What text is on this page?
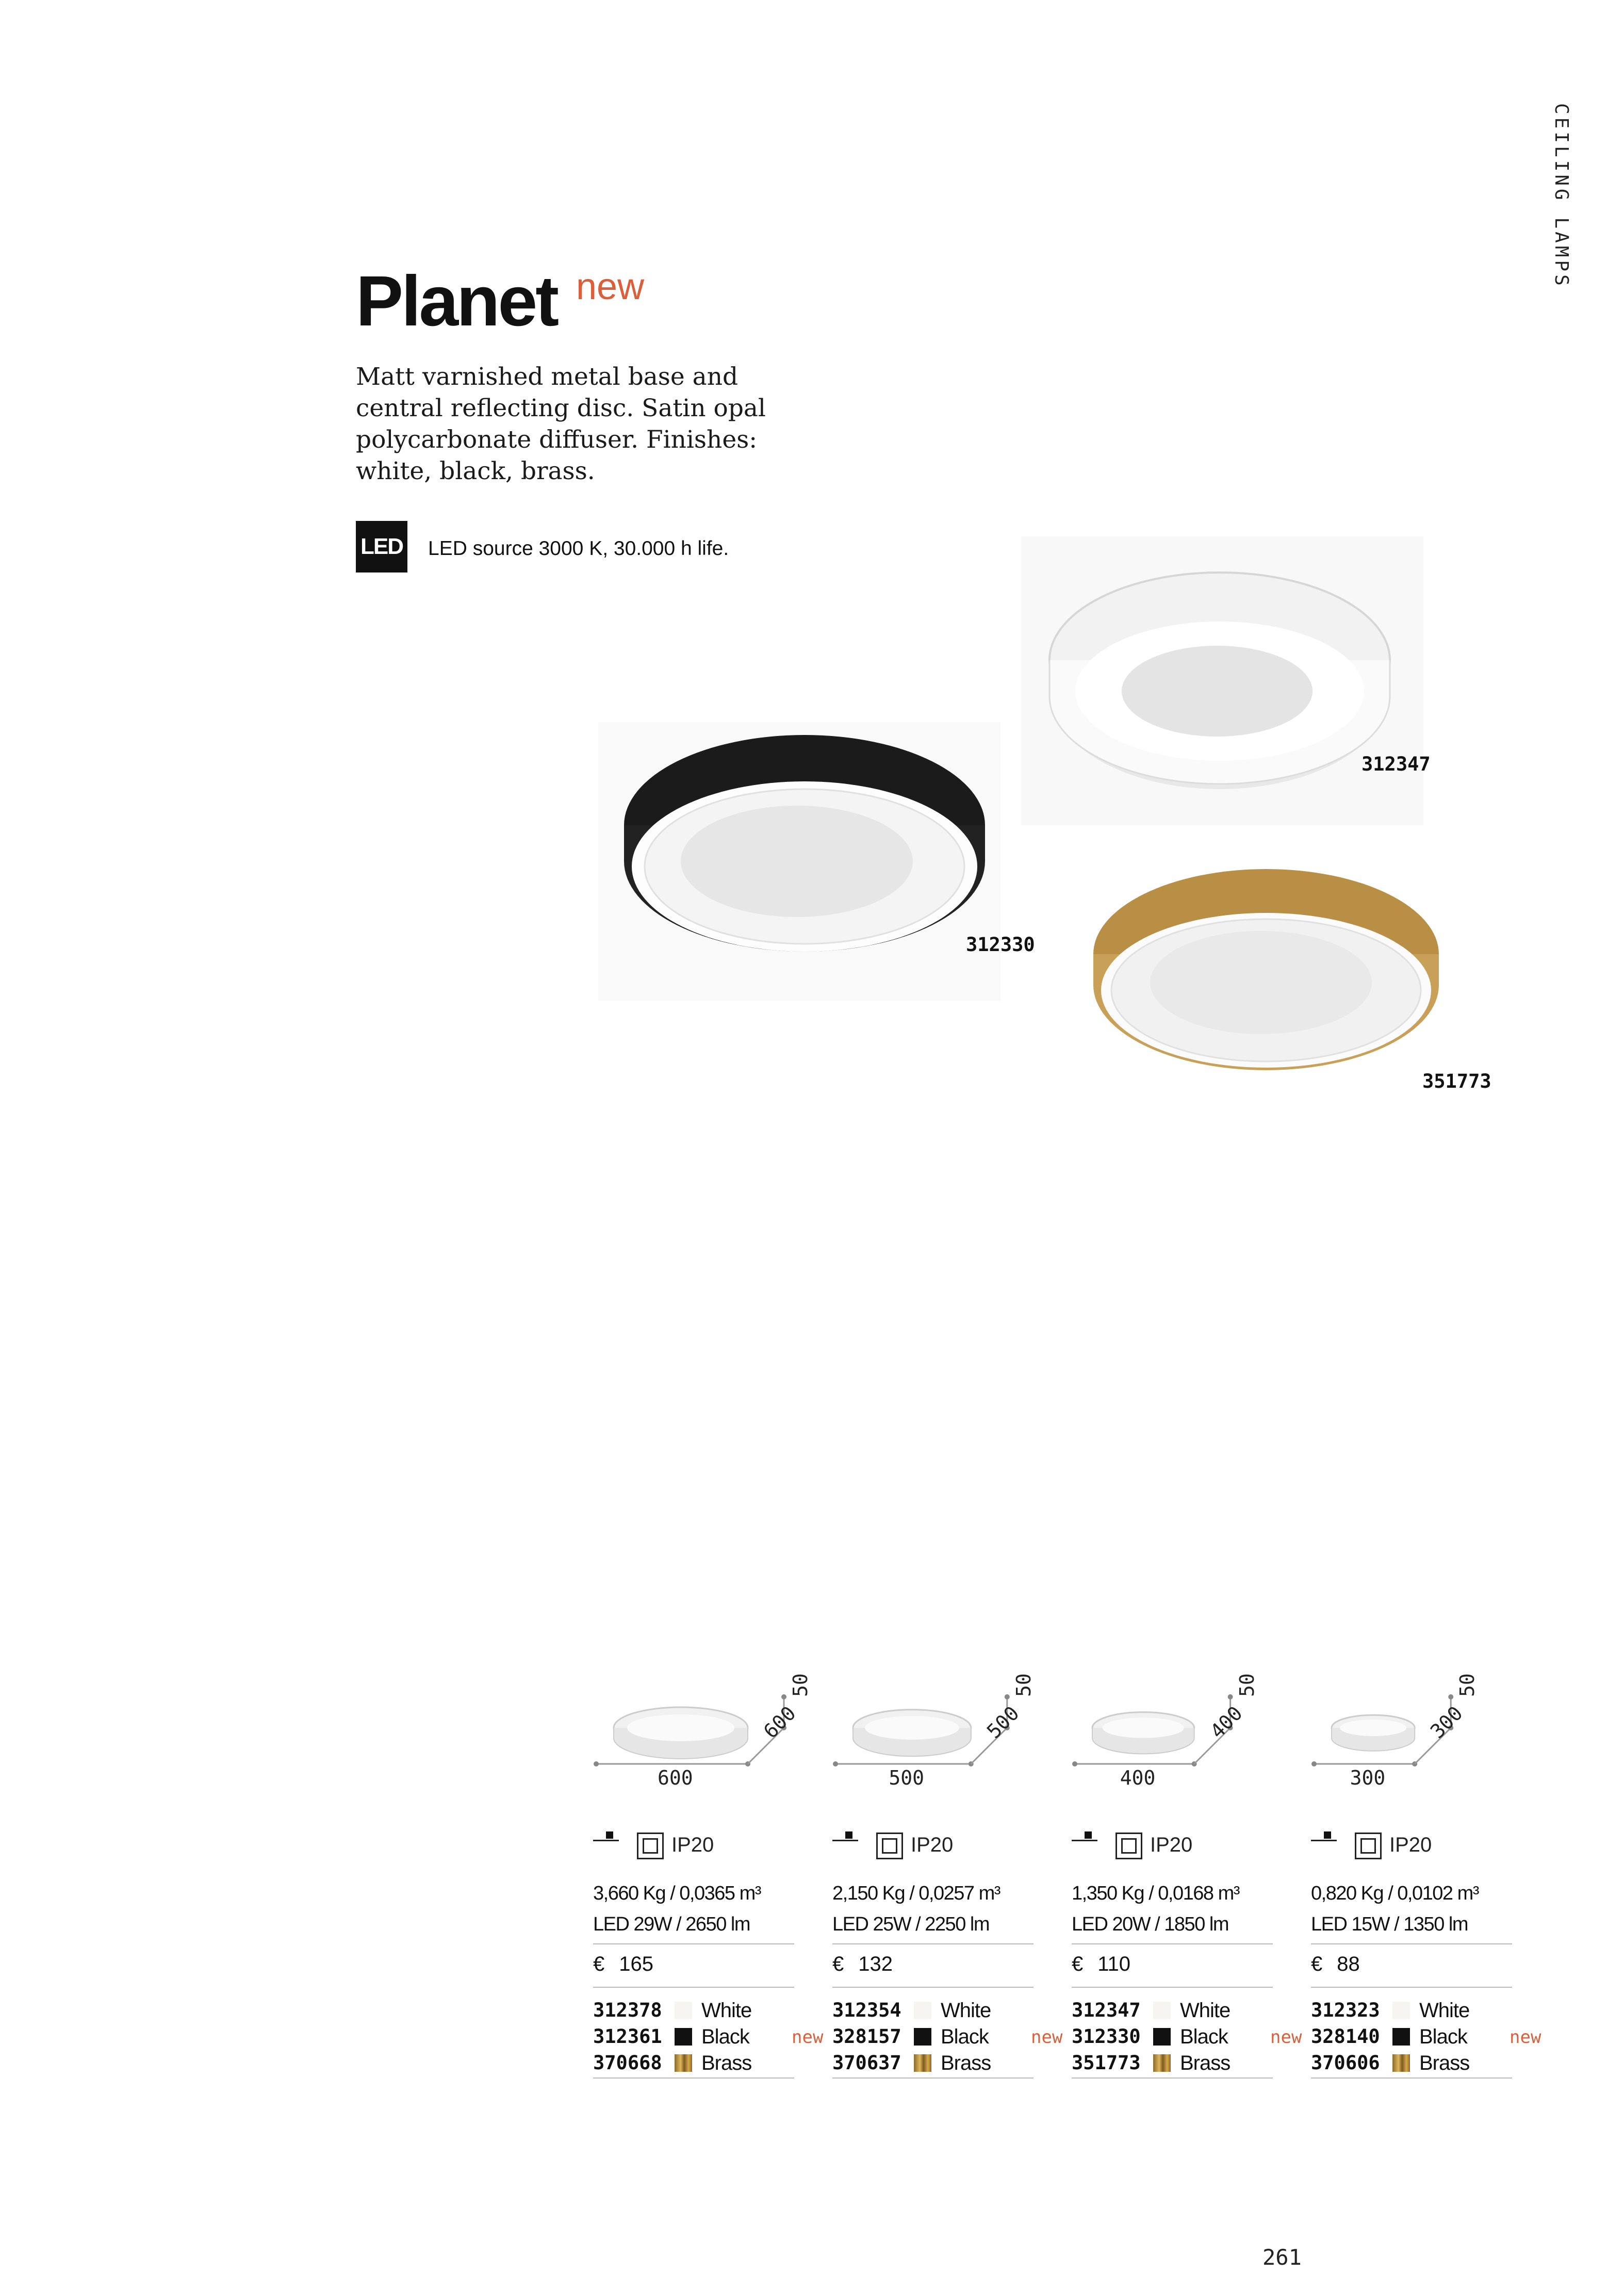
CEILING LAMPS
Planet new
Matt varnished metal base and central reflecting disc. Satin opal polycarbonate diffuser. Finishes: white, black, brass.
LED LED source 3000 K, 30.000 h life.
312347
312330
351773
600
600
50
IP20
3,660 Kg / 0,0365 m³
LED 29W / 2650 lm
€ 165
312378 White
312361 Black
370668 Brass
new
500
500
50
IP20
2,150 Kg / 0,0257 m³
LED 25W / 2250 lm
€ 132
312354 White
328157 Black
370637 Brass
new
400
400
50
IP20
1,350 Kg / 0,0168 m³
LED 20W / 1850 lm
€ 110
312347 White
312330 Black
351773 Brass
new
300
300
50
IP20
0,820 Kg / 0,0102 m³
LED 15W / 1350 lm
€ 88
312323 White
328140 Black
370606 Brass
new
261
